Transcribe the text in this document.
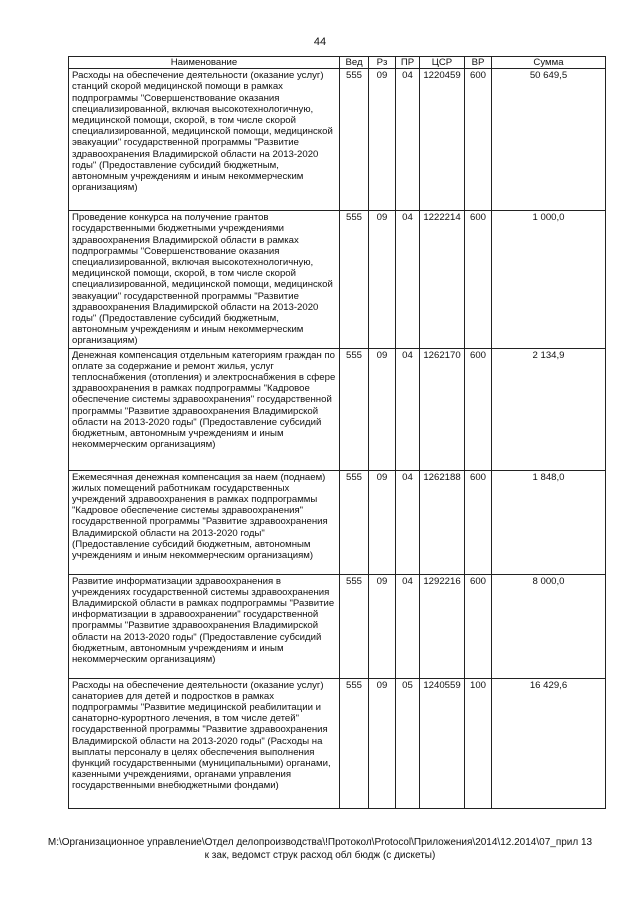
44
Наименование	Вед	Рз	ПР	ЦСР	ВР	Сумма
Расходы на обеспечение деятельности (оказание услуг) станций скорой медицинской помощи в рамках подпрограммы "Совершенствование оказания специализированной, включая высокотехнологичную, медицинской помощи, скорой, в том числе скорой специализированной, медицинской помощи, медицинской эвакуации" государственной программы "Развитие здравоохранения Владимирской области на 2013-2020 годы" (Предоставление субсидий бюджетным, автономным учреждениям и иным некоммерческим организациям)	555	09	04	1220459	600	50 649,5
Проведение конкурса на получение грантов государственными бюджетными учреждениями здравоохранения Владимирской области в рамках подпрограммы "Совершенствование оказания специализированной, включая высокотехнологичную, медицинской помощи, скорой, в том числе скорой специализированной, медицинской помощи, медицинской эвакуации" государственной программы "Развитие здравоохранения Владимирской области на 2013-2020 годы" (Предоставление субсидий бюджетным, автономным учреждениям и иным некоммерческим организациям)	555	09	04	1222214	600	1 000,0
Денежная компенсация отдельным категориям граждан по оплате за содержание и ремонт жилья, услуг теплоснабжения (отопления) и электроснабжения в сфере здравоохранения в рамках подпрограммы "Кадровое обеспечение системы здравоохранения" государственной программы "Развитие здравоохранения Владимирской области на 2013-2020 годы" (Предоставление субсидий бюджетным, автономным учреждениям и иным некоммерческим организациям)	555	09	04	1262170	600	2 134,9
Ежемесячная денежная компенсация за наем (поднаем) жилых помещений работникам государственных учреждений здравоохранения в рамках подпрограммы "Кадровое обеспечение системы здравоохранения" государственной программы "Развитие здравоохранения Владимирской области на 2013-2020 годы" (Предоставление субсидий бюджетным, автономным учреждениям и иным некоммерческим организациям)	555	09	04	1262188	600	1 848,0
Развитие информатизации здравоохранения в учреждениях государственной системы здравоохранения Владимирской области в рамках подпрограммы "Развитие информатизации в здравоохранении" государственной программы "Развитие здравоохранения Владимирской области на 2013-2020 годы" (Предоставление субсидий бюджетным, автономным учреждениям и иным некоммерческим организациям)	555	09	04	1292216	600	8 000,0
Расходы на обеспечение деятельности (оказание услуг) санаториев для детей и подростков в рамках подпрограммы "Развитие медицинской реабилитации и санаторно-курортного лечения, в том числе детей" государственной программы "Развитие здравоохранения Владимирской области на 2013-2020 годы" (Расходы на выплаты персоналу в целях обеспечения выполнения функций государственными (муниципальными) органами, казенными учреждениями, органами управления государственными внебюджетными фондами)	555	09	05	1240559	100	16 429,6
M:\Организационное управление\Отдел делопроизводства\!Протокол\Protocol\Приложения\2014\12.2014\07_прил 13
к зак, ведомст струк расход обл бюдж (с дискеты)
